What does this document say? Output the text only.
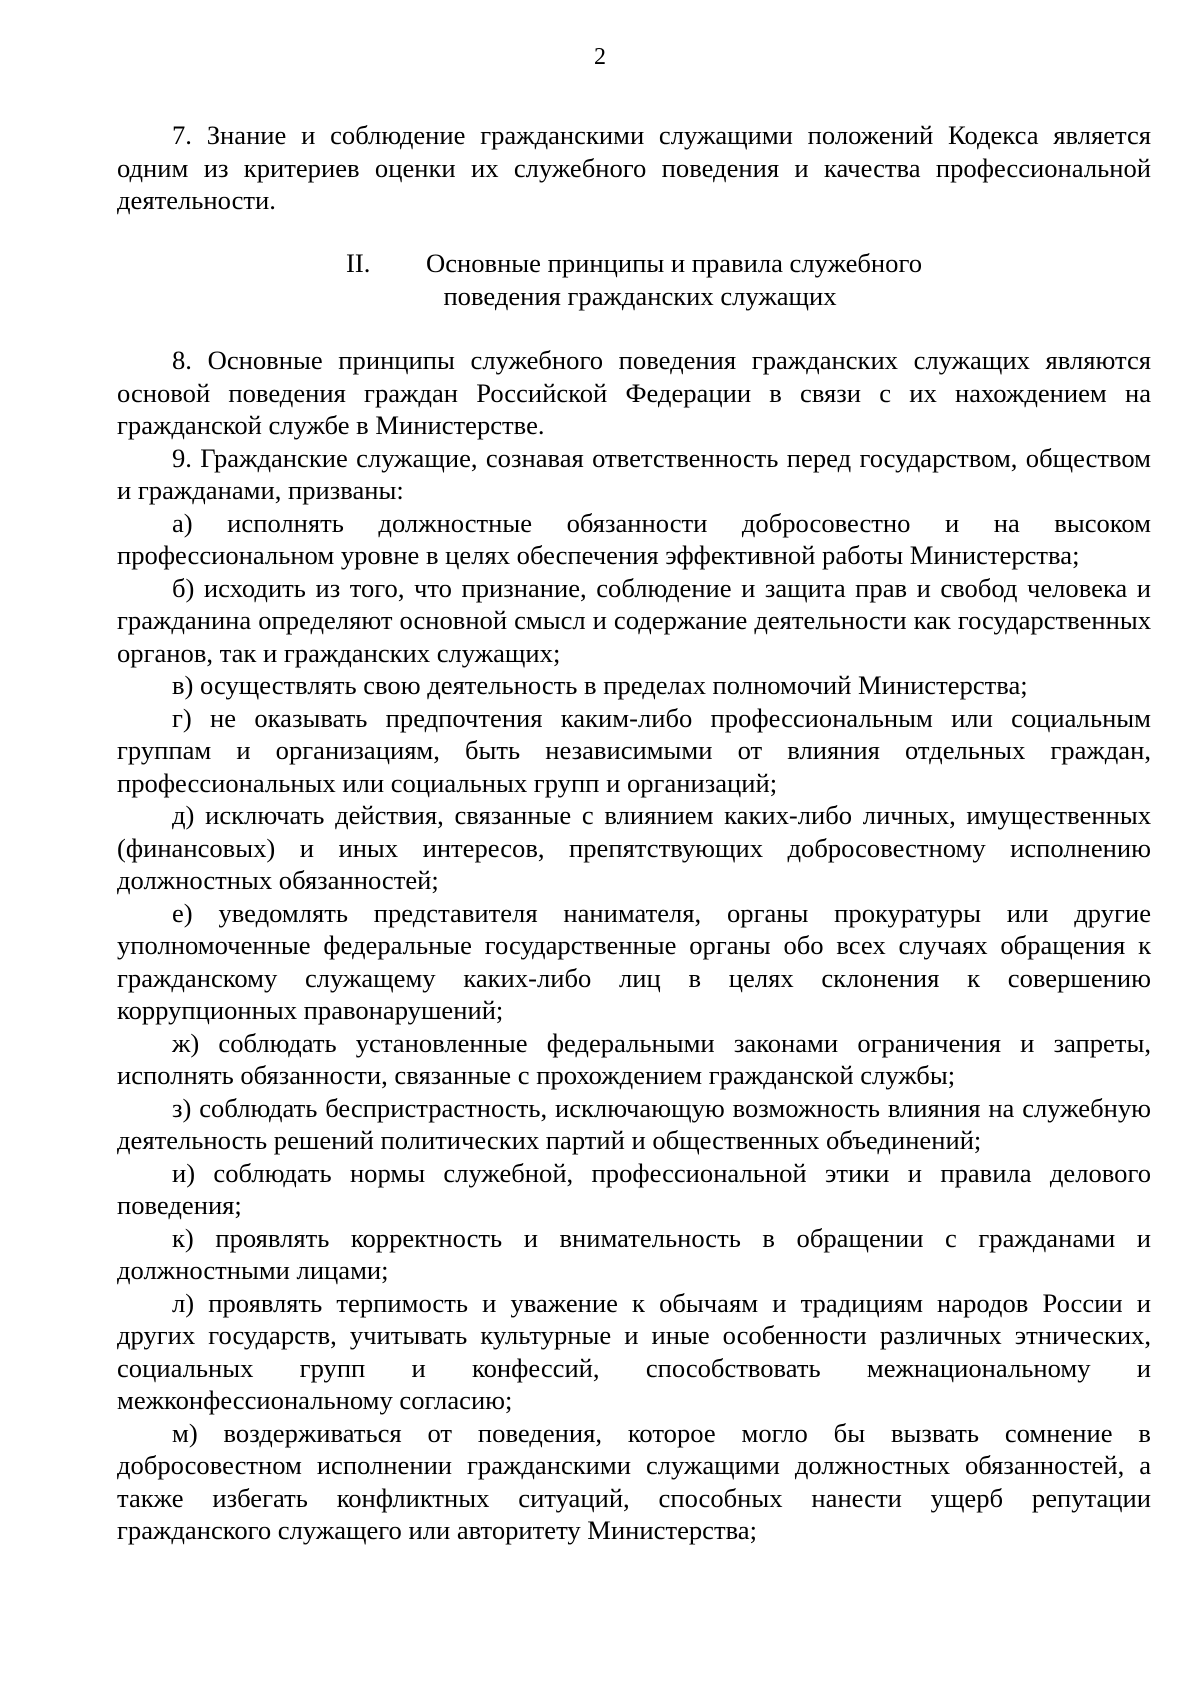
2

7. Знание и соблюдение гражданскими служащими положений Кодекса является одним из критериев оценки их служебного поведения и качества профессиональной деятельности.

II. Основные принципы и правила служебного
поведения гражданских служащих

8. Основные принципы служебного поведения гражданских служащих являются основой поведения граждан Российской Федерации в связи с их нахождением на гражданской службе в Министерстве.

9. Гражданские служащие, сознавая ответственность перед государством, обществом и гражданами, призваны:

а) исполнять должностные обязанности добросовестно и на высоком профессиональном уровне в целях обеспечения эффективной работы Министерства;

б) исходить из того, что признание, соблюдение и защита прав и свобод человека и гражданина определяют основной смысл и содержание деятельности как государственных органов, так и гражданских служащих;

в) осуществлять свою деятельность в пределах полномочий Министерства;

г) не оказывать предпочтения каким-либо профессиональным или социальным группам и организациям, быть независимыми от влияния отдельных граждан, профессиональных или социальных групп и организаций;

д) исключать действия, связанные с влиянием каких-либо личных, имущественных (финансовых) и иных интересов, препятствующих добросовестному исполнению должностных обязанностей;

е) уведомлять представителя нанимателя, органы прокуратуры или другие уполномоченные федеральные государственные органы обо всех случаях обращения к гражданскому служащему каких-либо лиц в целях склонения к совершению коррупционных правонарушений;

ж) соблюдать установленные федеральными законами ограничения и запреты, исполнять обязанности, связанные с прохождением гражданской службы;

з) соблюдать беспристрастность, исключающую возможность влияния на служебную деятельность решений политических партий и общественных объединений;

и) соблюдать нормы служебной, профессиональной этики и правила делового поведения;

к) проявлять корректность и внимательность в обращении с гражданами и должностными лицами;

л) проявлять терпимость и уважение к обычаям и традициям народов России и других государств, учитывать культурные и иные особенности различных этнических, социальных групп и конфессий, способствовать межнациональному и межконфессиональному согласию;

м) воздерживаться от поведения, которое могло бы вызвать сомнение в добросовестном исполнении гражданскими служащими должностных обязанностей, а также избегать конфликтных ситуаций, способных нанести ущерб репутации гражданского служащего или авторитету Министерства;
